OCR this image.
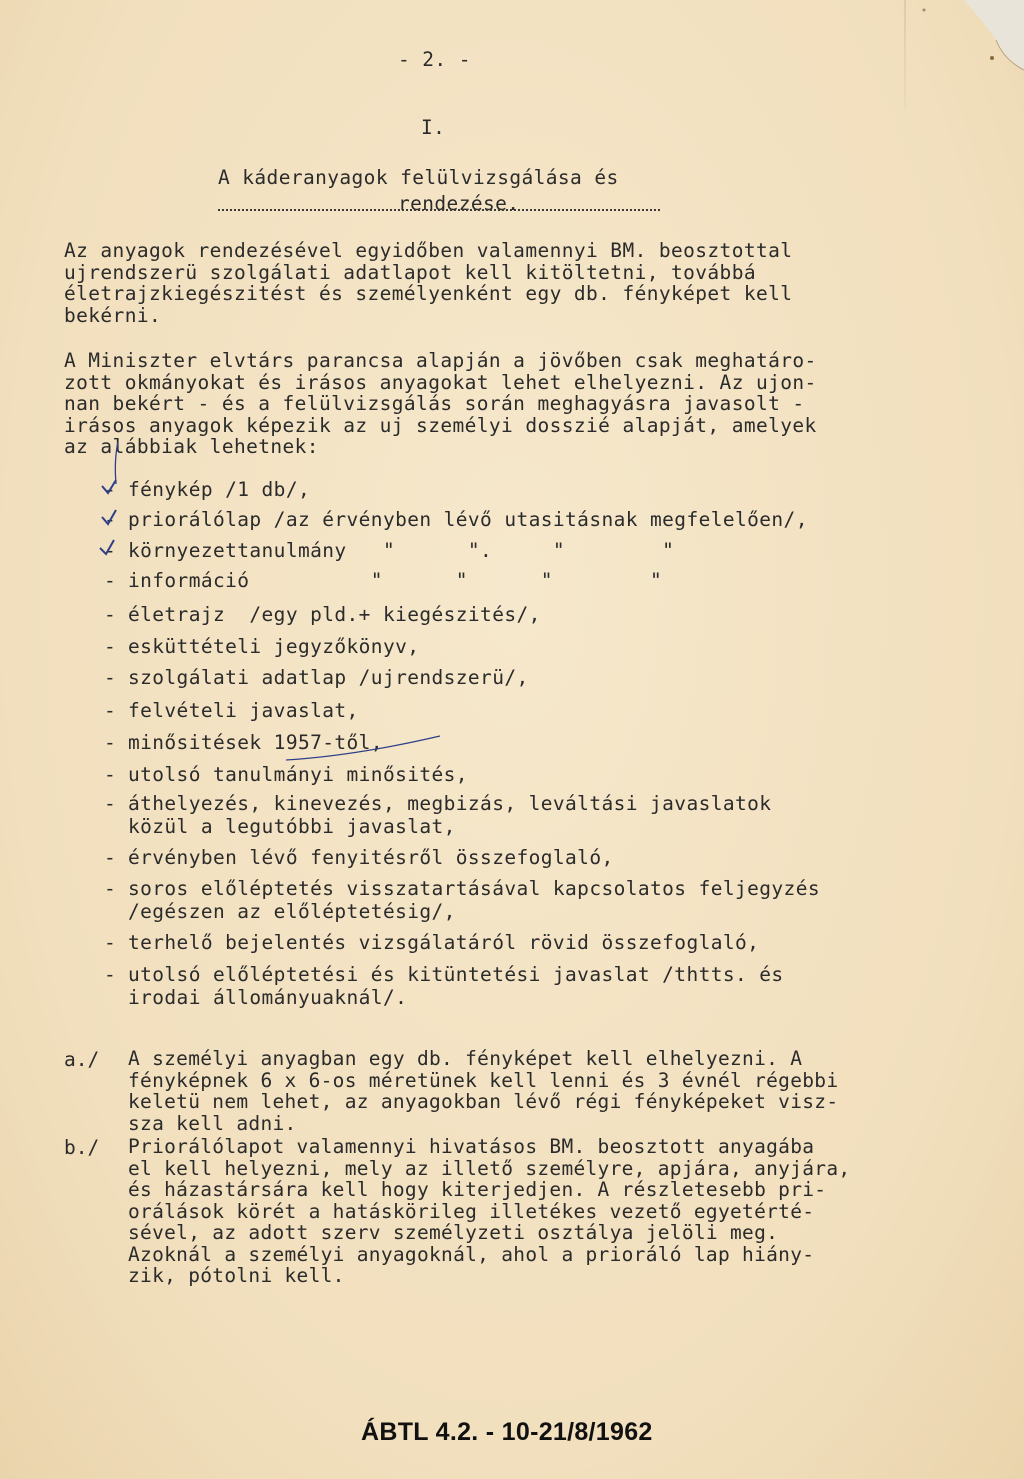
- 2. -
I.
A káderanyagok felülvizsgálása és
rendezése.
Az anyagok rendezésével egyidőben valamennyi BM. beosztottal
ujrendszerü szolgálati adatlapot kell kitöltetni, továbbá
életrajzkiegészitést és személyenként egy db. fényképet kell
bekérni.
A Miniszter elvtárs parancsa alapján a jövőben csak meghatáro-
zott okmányokat és irásos anyagokat lehet elhelyezni. Az ujon-
nan bekért - és a felülvizsgálás során meghagyásra javasolt -
irásos anyagok képezik az uj személyi dosszié alapját, amelyek
az alábbiak lehetnek:
- fénykép /1 db/,
- priorálólap /az érvényben lévő utasitásnak megfelelően/,
- környezettanulmány   "      ".     "        "
- információ          "      "      "        "
- életrajz  /egy pld.+ kiegészités/,
- esküttételi jegyzőkönyv,
- szolgálati adatlap /ujrendszerü/,
- felvételi javaslat,
- minősitések 1957-től,
- utolsó tanulmányi minősités,
- áthelyezés, kinevezés, megbizás, leváltási javaslatok
közül a legutóbbi javaslat,
- érvényben lévő fenyitésről összefoglaló,
- soros előléptetés visszatartásával kapcsolatos feljegyzés
/egészen az előléptetésig/,
- terhelő bejelentés vizsgálatáról rövid összefoglaló,
- utolsó előléptetési és kitüntetési javaslat /thtts. és
irodai állományuaknál/.
a./ A személyi anyagban egy db. fényképet kell elhelyezni. A
fényképnek 6 x 6-os méretünek kell lenni és 3 évnél régebbi
keletü nem lehet, az anyagokban lévő régi fényképeket visz-
sza kell adni.
b./ Priorálólapot valamennyi hivatásos BM. beosztott anyagába
el kell helyezni, mely az illető személyre, apjára, anyjára,
és házastársára kell hogy kiterjedjen. A részletesebb pri-
orálások körét a hatáskörileg illetékes vezető egyetérté-
sével, az adott szerv személyzeti osztálya jelöli meg.
Azoknál a személyi anyagoknál, ahol a prioráló lap hiány-
zik, pótolni kell.
ÁBTL 4.2. - 10-21/8/1962
